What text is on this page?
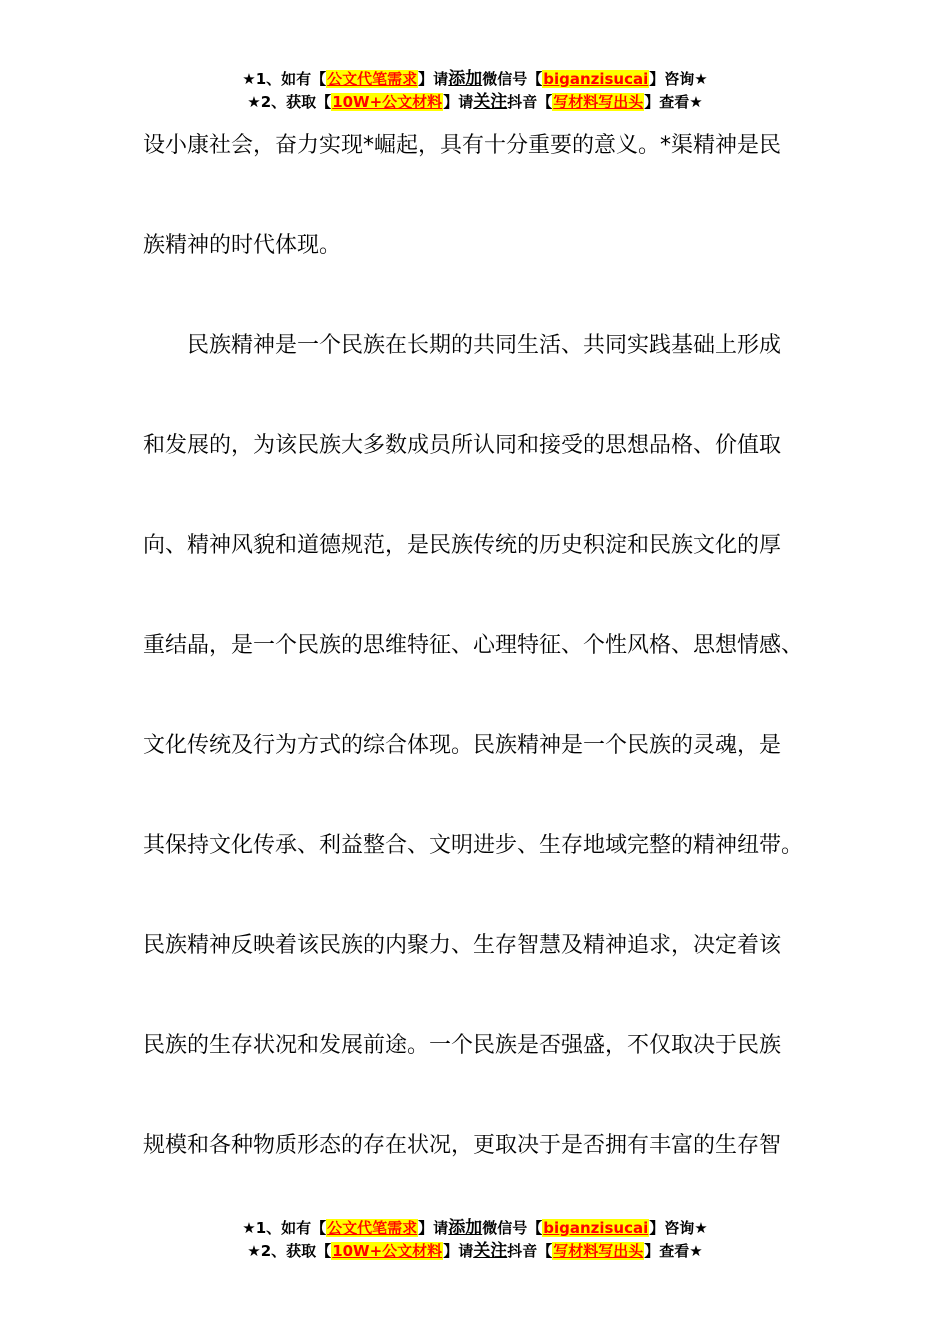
★1、如有【公文代笔需求】请添加微信号【biganzisucai】咨询★
★2、获取【10W+公文材料】请关注抖音【写材料写出头】查看★
设小康社会，奋力实现*崛起，具有十分重要的意义。*渠精神是民
族精神的时代体现。
　　民族精神是一个民族在长期的共同生活、共同实践基础上形成
和发展的，为该民族大多数成员所认同和接受的思想品格、价值取
向、精神风貌和道德规范，是民族传统的历史积淀和民族文化的厚
重结晶，是一个民族的思维特征、心理特征、个性风格、思想情感、
文化传统及行为方式的综合体现。民族精神是一个民族的灵魂，是
其保持文化传承、利益整合、文明进步、生存地域完整的精神纽带。
民族精神反映着该民族的内聚力、生存智慧及精神追求，决定着该
民族的生存状况和发展前途。一个民族是否强盛，不仅取决于民族
规模和各种物质形态的存在状况，更取决于是否拥有丰富的生存智
★1、如有【公文代笔需求】请添加微信号【biganzisucai】咨询★
★2、获取【10W+公文材料】请关注抖音【写材料写出头】查看★
